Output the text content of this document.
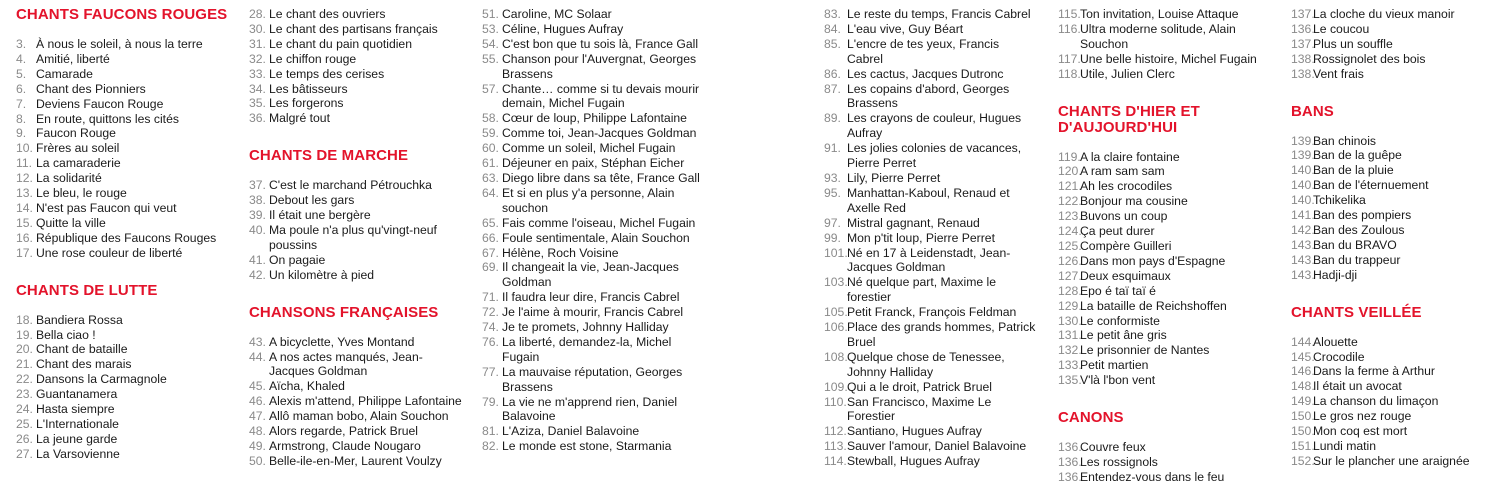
CHANTS FAUCONS ROUGES
3. À nous le soleil, à nous la terre
4. Amitié, liberté
5. Camarade
6. Chant des Pionniers
7. Deviens Faucon Rouge
8. En route, quittons les cités
9. Faucon Rouge
10. Frères au soleil
11. La camaraderie
12. La solidarité
13. Le bleu, le rouge
14. N'est pas Faucon qui veut
15. Quitte la ville
16. République des Faucons Rouges
17. Une rose couleur de liberté
CHANTS DE LUTTE
18. Bandiera Rossa
19. Bella ciao !
20. Chant de bataille
21. Chant des marais
22. Dansons la Carmagnole
23. Guantanamera
24. Hasta siempre
25. L'Internationale
26. La jeune garde
27. La Varsovienne
28. Le chant des ouvriers
30. Le chant des partisans français
31. Le chant du pain quotidien
32. Le chiffon rouge
33. Le temps des cerises
34. Les bâtisseurs
35. Les forgerons
36. Malgré tout
CHANTS DE MARCHE
37. C'est le marchand Pétrouchka
38. Debout les gars
39. Il était une bergère
40. Ma poule n'a plus qu'vingt-neuf poussins
41. On pagaie
42. Un kilomètre à pied
CHANSONS FRANÇAISES
43. A bicyclette, Yves Montand
44. A nos actes manqués, Jean-Jacques Goldman
45. Aïcha, Khaled
46. Alexis m'attend, Philippe Lafontaine
47. Allô maman bobo, Alain Souchon
48. Alors regarde, Patrick Bruel
49. Armstrong, Claude Nougaro
50. Belle-ile-en-Mer, Laurent Voulzy
51. Caroline, MC Solaar
53. Céline, Hugues Aufray
54. C'est bon que tu sois là, France Gall
55. Chanson pour l'Auvergnat, Georges Brassens
57. Chante… comme si tu devais mourir demain, Michel Fugain
58. Cœur de loup, Philippe Lafontaine
59. Comme toi, Jean-Jacques Goldman
60. Comme un soleil, Michel Fugain
61. Déjeuner en paix, Stéphan Eicher
63. Diego libre dans sa tête, France Gall
64. Et si en plus y'a personne, Alain souchon
65. Fais comme l'oiseau, Michel Fugain
66. Foule sentimentale, Alain Souchon
67. Hélène, Roch Voisine
69. Il changeait la vie, Jean-Jacques Goldman
71. Il faudra leur dire, Francis Cabrel
72. Je l'aime à mourir, Francis Cabrel
74. Je te promets, Johnny Halliday
76. La liberté, demandez-la, Michel Fugain
77. La mauvaise réputation, Georges Brassens
79. La vie ne m'apprend rien, Daniel Balavoine
81. L'Aziza, Daniel Balavoine
82. Le monde est stone, Starmania
83. Le reste du temps, Francis Cabrel
84. L'eau vive, Guy Béart
85. L'encre de tes yeux, Francis Cabrel
86. Les cactus, Jacques Dutronc
87. Les copains d'abord, Georges Brassens
89. Les crayons de couleur, Hugues Aufray
91. Les jolies colonies de vacances, Pierre Perret
93. Lily, Pierre Perret
95. Manhattan-Kaboul, Renaud et Axelle Red
97. Mistral gagnant, Renaud
99. Mon p'tit loup, Pierre Perret
101. Né en 17 à Leidenstadt, Jean-Jacques Goldman
103. Né quelque part, Maxime le forestier
105. Petit Franck, François Feldman
106. Place des grands hommes, Patrick Bruel
108. Quelque chose de Tenessee, Johnny Halliday
109. Qui a le droit, Patrick Bruel
110. San Francisco, Maxime Le Forestier
112. Santiano, Hugues Aufray
113. Sauver l'amour, Daniel Balavoine
114. Stewball, Hugues Aufray
115. Ton invitation, Louise Attaque
116. Ultra moderne solitude, Alain Souchon
117. Une belle histoire, Michel Fugain
118. Utile, Julien Clerc
CHANTS D'HIER ET D'AUJOURD'HUI
119. A la claire fontaine
120.
A ram sam sam
121.
Ah les crocodiles
122.
Bonjour ma cousine
123.
Buvons un coup
124.
Ça peut durer
125.
Compère Guilleri
126.
Dans mon pays d'Espagne
127.
Deux esquimaux
128.
Epo é taï taï é
129.
La bataille de Reichshoffen
130.
Le conformiste
131.
Le petit âne gris
132.
Le prisonnier de Nantes
133.
Petit martien
135.
V'là l'bon vent
CANONS
136.
Couvre feux
136.
Les rossignols
136.
Entendez-vous dans le feu
137.
La cloche du vieux manoir
136.
Le coucou
137.
Plus un souffle
138.
Rossignolet des bois
138.
Vent frais
BANS
139.
Ban chinois
139.
Ban de la guêpe
140.
Ban de la pluie
140.
Ban de l'éternuement
140.
Tchikelika
141.
Ban des pompiers
142.
Ban des Zoulous
143.
Ban du BRAVO
143.
Ban du trappeur
143.
Hadji-dji
CHANTS VEILLÉE
144.
Alouette
145.
Crocodile
146.
Dans la ferme à Arthur
148.
Il était un avocat
149.
La chanson du limaçon
150.
Le gros nez rouge
150.
Mon coq est mort
151.
Lundi matin
152.
Sur le plancher une araignée
